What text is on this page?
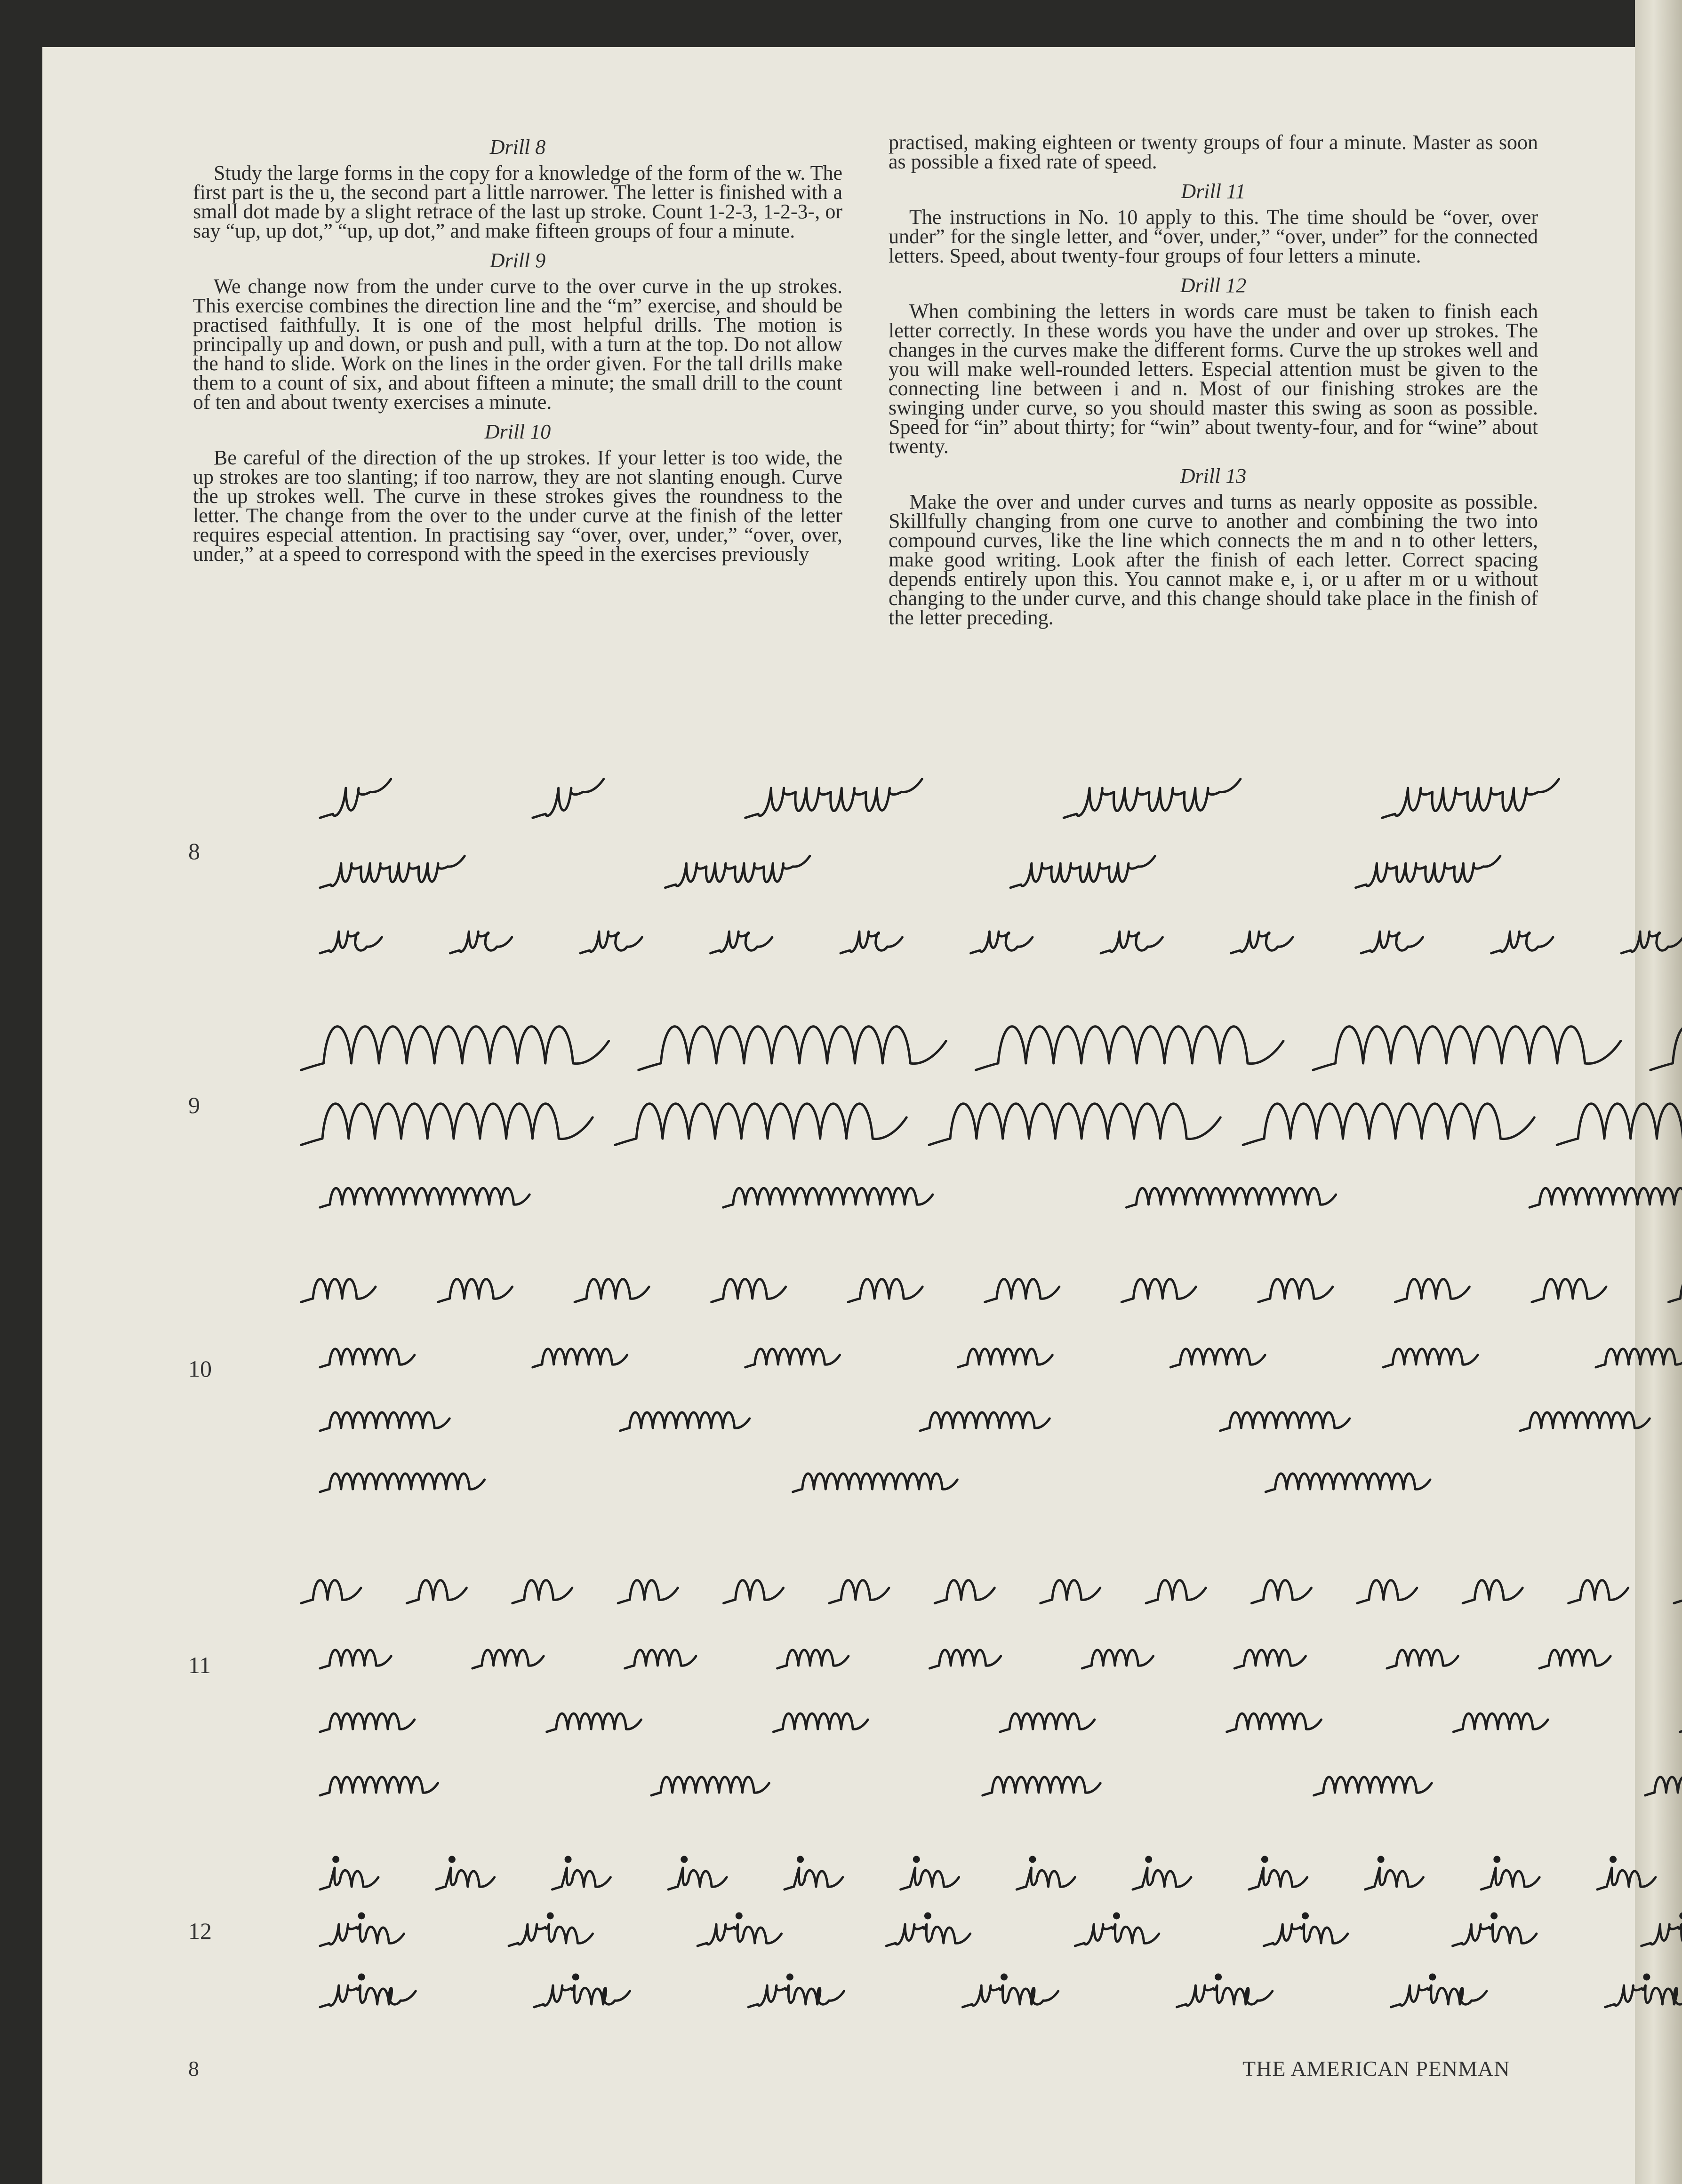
Drill 8

Study the large forms in the copy for a knowledge of the form of the w. The first part is the u, the second part a little narrower. The letter is finished with a small dot made by a slight retrace of the last up stroke. Count 1-2-3, 1-2-3-, or say “up, up dot,” “up, up dot,” and make fifteen groups of four a minute.

Drill 9

We change now from the under curve to the over curve in the up strokes. This exercise combines the direction line and the “m” exercise, and should be practised faithfully. It is one of the most helpful drills. The motion is principally up and down, or push and pull, with a turn at the top. Do not allow the hand to slide. Work on the lines in the order given. For the tall drills make them to a count of six, and about fifteen a minute; the small drill to the count of ten and about twenty exercises a minute.

Drill 10

Be careful of the direction of the up strokes. If your letter is too wide, the up strokes are too slanting; if too narrow, they are not slanting enough. Curve the up strokes well. The curve in these strokes gives the roundness to the letter. The change from the over to the under curve at the finish of the letter requires especial attention. In practising say “over, over, under,” “over, over, under,” at a speed to correspond with the speed in the exercises previously

practised, making eighteen or twenty groups of four a minute. Master as soon as possible a fixed rate of speed.

Drill 11

The instructions in No. 10 apply to this. The time should be “over, over under” for the single letter, and “over, under,” “over, under” for the connected letters. Speed, about twenty-four groups of four letters a minute.

Drill 12

When combining the letters in words care must be taken to finish each letter correctly. In these words you have the under and over up strokes. The changes in the curves make the different forms. Curve the up strokes well and you will make well-rounded letters. Especial attention must be given to the connecting line between i and n. Most of our finishing strokes are the swinging under curve, so you should master this swing as soon as possible. Speed for “in” about thirty; for “win” about twenty-four, and for “wine” about twenty.

Drill 13

Make the over and under curves and turns as nearly opposite as possible. Skillfully changing from one curve to another and combining the two into compound curves, like the line which connects the m and n to other letters, make good writing. Look after the finish of each letter. Correct spacing depends entirely upon this. You cannot make e, i, or u after m or u without changing to the under curve, and this change should take place in the finish of the letter preceding.

8
9
10
11
12
8	THE AMERICAN PENMAN
